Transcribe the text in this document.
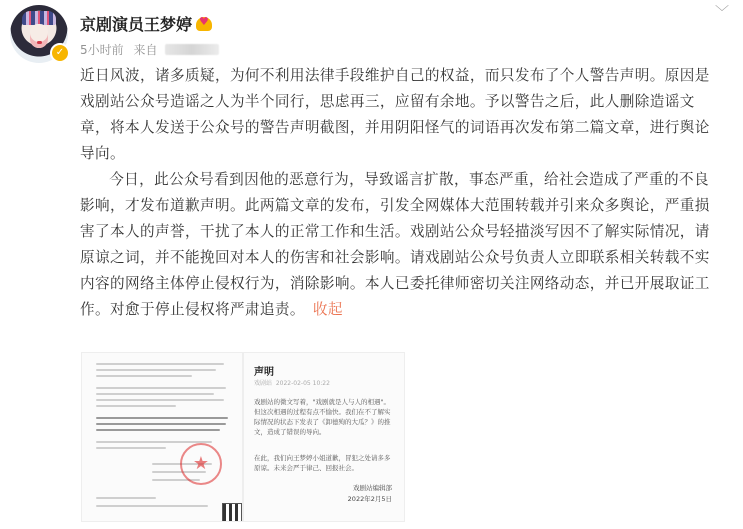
✓
京剧演员王梦婷♥
5小时前 来自
﹀

近日风波，诸多质疑，为何不利用法律手段维护自己的权益，而只发布了个人警告声明。原因是戏剧站公众号造谣之人为半个同行，思虑再三，应留有余地。予以警告之后，此人删除造谣文章，将本人发送于公众号的警告声明截图，并用阴阳怪气的词语再次发布第二篇文章，进行舆论导向。

今日，此公众号看到因他的恶意行为，导致谣言扩散，事态严重，给社会造成了严重的不良影响，才发布道歉声明。此两篇文章的发布，引发全网媒体大范围转载并引来众多舆论，严重损害了本人的声誉，干扰了本人的正常工作和生活。戏剧站公众号轻描淡写因不了解实际情况，请原谅之词，并不能挽回对本人的伤害和社会影响。请戏剧站公众号负责人立即联系相关转载不实内容的网络主体停止侵权行为，消除影响。本人已委托律师密切关注网络动态，并已开展取证工作。对愈于停止侵权将严肃追责。 收起

★
声明
戏剧站 2022-02-05 10:22
戏剧站的微文写着，"戏剧就是人与人的相遇"。但这次相遇的过程有点不愉快。我们在不了解实际情况的状态下发表了《卸德殉的大瓜？》的推文，造成了错误的导向。
在此，我们向王梦婷小姐道歉，冒犯之处请多多原谅。未来会严于律己、回报社会。
戏剧站编辑部
2022年2月5日
